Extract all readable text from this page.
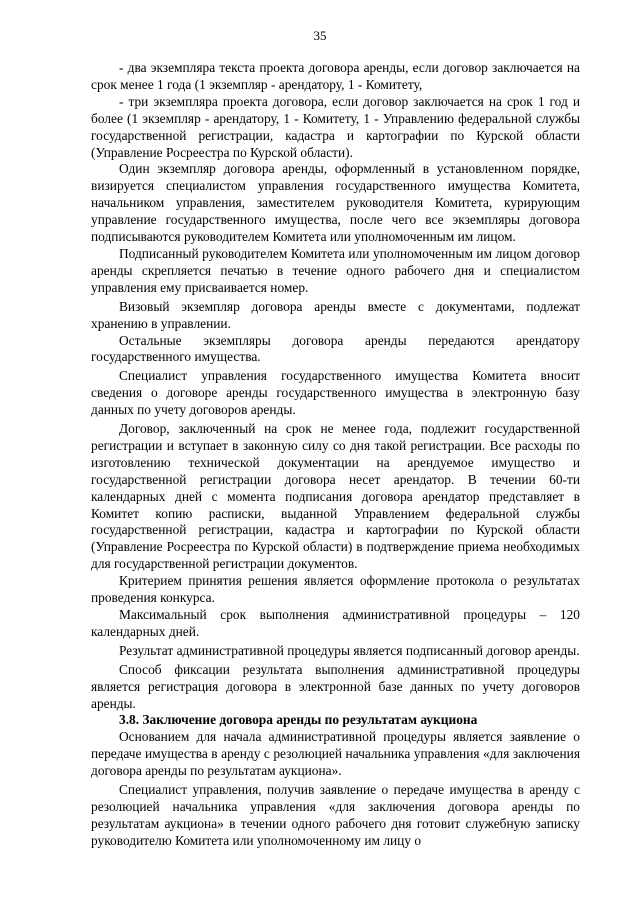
35

- два экземпляра текста проекта договора аренды, если договор заключается на срок менее 1 года (1 экземпляр - арендатору, 1 - Комитету,

- три экземпляра проекта договора, если договор заключается на срок 1 год и более (1 экземпляр - арендатору, 1 - Комитету, 1 - Управлению федеральной службы государственной регистрации, кадастра и картографии по Курской области (Управление Росреестра по Курской области).

Один экземпляр договора аренды, оформленный в установленном порядке, визируется специалистом управления государственного имущества Комитета, начальником управления, заместителем руководителя Комитета, курирующим управление государственного имущества, после чего все экземпляры договора подписываются руководителем Комитета или уполномоченным им лицом.

Подписанный руководителем Комитета или уполномоченным им лицом договор аренды скрепляется печатью в течение одного рабочего дня и специалистом управления ему присваивается номер.

Визовый экземпляр договора аренды вместе с документами, подлежат хранению в управлении.

Остальные экземпляры договора аренды передаются арендатору государственного имущества.

Специалист управления государственного имущества Комитета вносит сведения о договоре аренды государственного имущества в электронную базу данных по учету договоров аренды.

Договор, заключенный на срок не менее года, подлежит государственной регистрации и вступает в законную силу со дня такой регистрации. Все расходы по изготовлению технической документации на арендуемое имущество и государственной регистрации договора несет арендатор. В течении 60-ти календарных дней с момента подписания договора арендатор представляет в Комитет копию расписки, выданной Управлением федеральной службы государственной регистрации, кадастра и картографии по Курской области (Управление Росреестра по Курской области) в подтверждение приема необходимых для государственной регистрации документов.

Критерием принятия решения является оформление протокола о результатах проведения конкурса.

Максимальный срок выполнения административной процедуры – 120 календарных дней.

Результат административной процедуры является подписанный договор аренды.

Способ фиксации результата выполнения административной процедуры является регистрация договора в электронной базе данных по учету договоров аренды.

3.8. Заключение договора аренды по результатам аукциона

Основанием для начала административной процедуры является заявление о передаче имущества в аренду с резолюцией начальника управления «для заключения договора аренды по результатам аукциона».

Специалист управления, получив заявление о передаче имущества в аренду с резолюцией начальника управления «для заключения договора аренды по результатам аукциона» в течении одного рабочего дня готовит служебную записку руководителю Комитета или уполномоченному им лицу о
